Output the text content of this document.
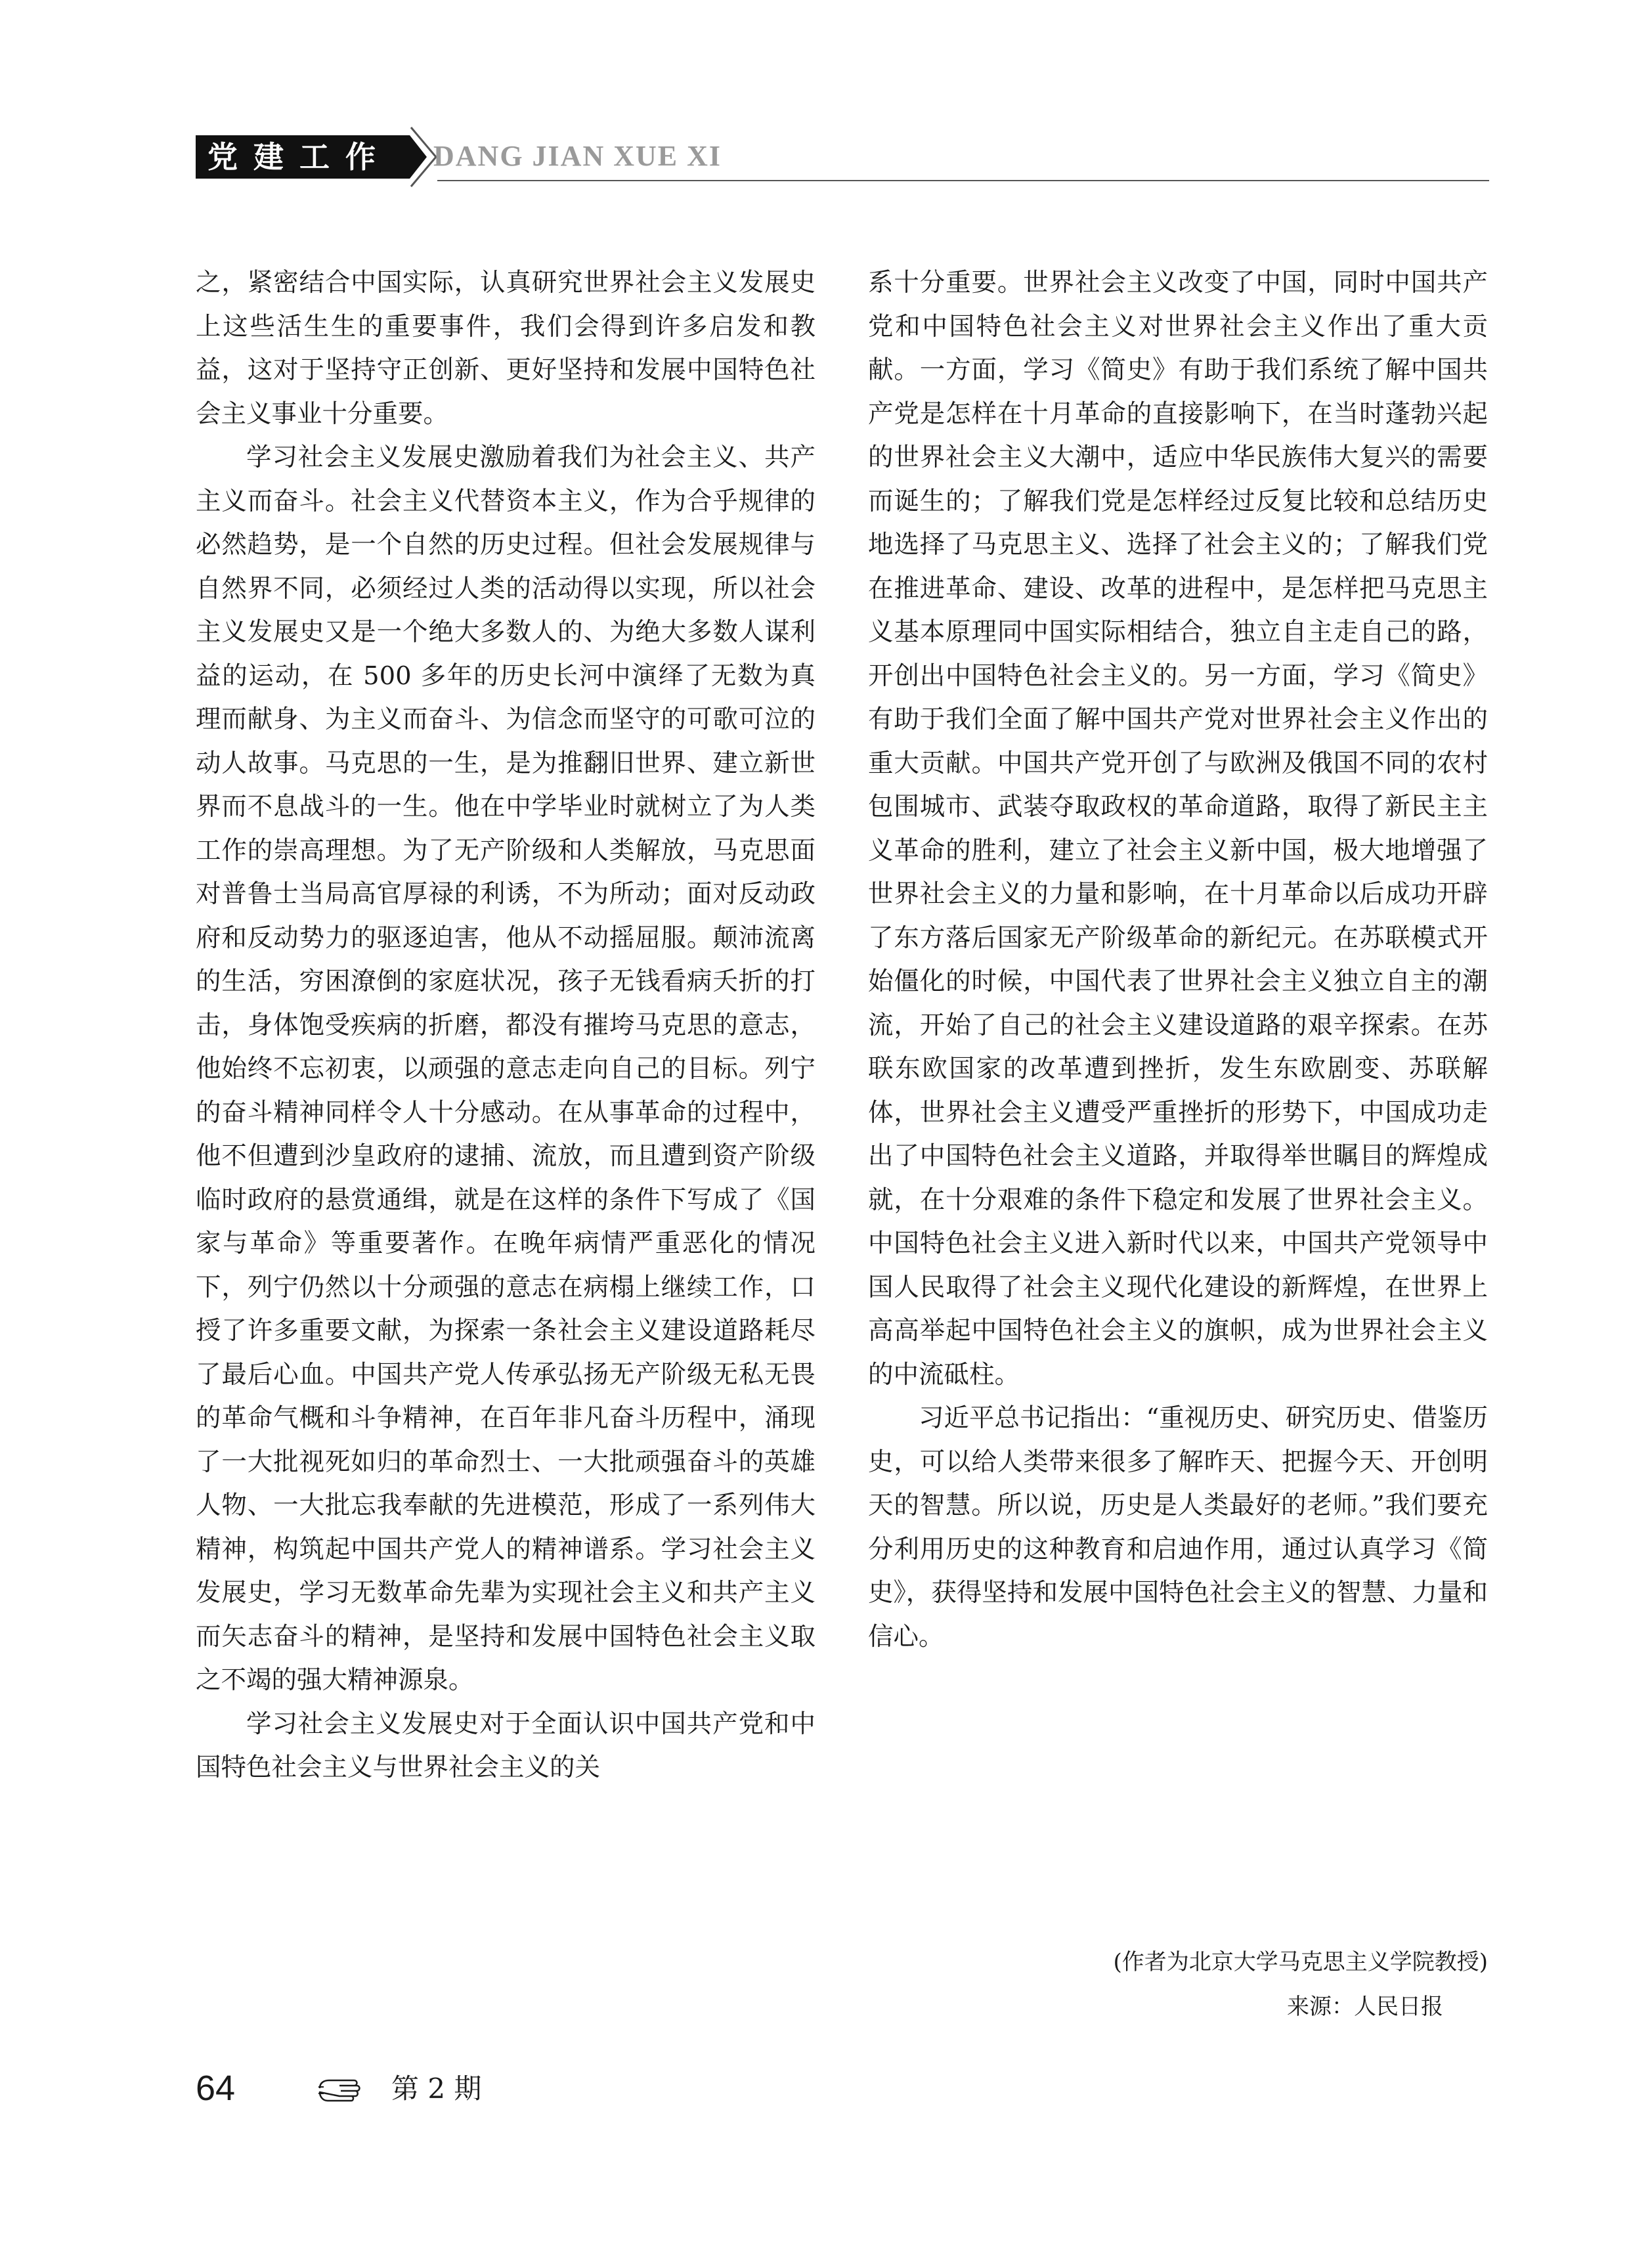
党建工作 DANG JIAN XUE XI

之，紧密结合中国实际，认真研究世界社会主义发展史上这些活生生的重要事件，我们会得到许多启发和教益，这对于坚持守正创新、更好坚持和发展中国特色社会主义事业十分重要。

学习社会主义发展史激励着我们为社会主义、共产主义而奋斗。社会主义代替资本主义，作为合乎规律的必然趋势，是一个自然的历史过程。但社会发展规律与自然界不同，必须经过人类的活动得以实现，所以社会主义发展史又是一个绝大多数人的、为绝大多数人谋利益的运动，在 500 多年的历史长河中演绎了无数为真理而献身、为主义而奋斗、为信念而坚守的可歌可泣的动人故事。马克思的一生，是为推翻旧世界、建立新世界而不息战斗的一生。他在中学毕业时就树立了为人类工作的崇高理想。为了无产阶级和人类解放，马克思面对普鲁士当局高官厚禄的利诱，不为所动；面对反动政府和反动势力的驱逐迫害，他从不动摇屈服。颠沛流离的生活，穷困潦倒的家庭状况，孩子无钱看病夭折的打击，身体饱受疾病的折磨，都没有摧垮马克思的意志，他始终不忘初衷，以顽强的意志走向自己的目标。列宁的奋斗精神同样令人十分感动。在从事革命的过程中，他不但遭到沙皇政府的逮捕、流放，而且遭到资产阶级临时政府的悬赏通缉，就是在这样的条件下写成了《国家与革命》等重要著作。在晚年病情严重恶化的情况下，列宁仍然以十分顽强的意志在病榻上继续工作，口授了许多重要文献，为探索一条社会主义建设道路耗尽了最后心血。中国共产党人传承弘扬无产阶级无私无畏的革命气概和斗争精神，在百年非凡奋斗历程中，涌现了一大批视死如归的革命烈士、一大批顽强奋斗的英雄人物、一大批忘我奉献的先进模范，形成了一系列伟大精神，构筑起中国共产党人的精神谱系。学习社会主义发展史，学习无数革命先辈为实现社会主义和共产主义而矢志奋斗的精神，是坚持和发展中国特色社会主义取之不竭的强大精神源泉。

学习社会主义发展史对于全面认识中国共产党和中国特色社会主义与世界社会主义的关

系十分重要。世界社会主义改变了中国，同时中国共产党和中国特色社会主义对世界社会主义作出了重大贡献。一方面，学习《简史》有助于我们系统了解中国共产党是怎样在十月革命的直接影响下，在当时蓬勃兴起的世界社会主义大潮中，适应中华民族伟大复兴的需要而诞生的；了解我们党是怎样经过反复比较和总结历史地选择了马克思主义、选择了社会主义的；了解我们党在推进革命、建设、改革的进程中，是怎样把马克思主义基本原理同中国实际相结合，独立自主走自己的路，开创出中国特色社会主义的。另一方面，学习《简史》有助于我们全面了解中国共产党对世界社会主义作出的重大贡献。中国共产党开创了与欧洲及俄国不同的农村包围城市、武装夺取政权的革命道路，取得了新民主主义革命的胜利，建立了社会主义新中国，极大地增强了世界社会主义的力量和影响，在十月革命以后成功开辟了东方落后国家无产阶级革命的新纪元。在苏联模式开始僵化的时候，中国代表了世界社会主义独立自主的潮流，开始了自己的社会主义建设道路的艰辛探索。在苏联东欧国家的改革遭到挫折，发生东欧剧变、苏联解体，世界社会主义遭受严重挫折的形势下，中国成功走出了中国特色社会主义道路，并取得举世瞩目的辉煌成就，在十分艰难的条件下稳定和发展了世界社会主义。中国特色社会主义进入新时代以来，中国共产党领导中国人民取得了社会主义现代化建设的新辉煌，在世界上高高举起中国特色社会主义的旗帜，成为世界社会主义的中流砥柱。

习近平总书记指出：“重视历史、研究历史、借鉴历史，可以给人类带来很多了解昨天、把握今天、开创明天的智慧。所以说，历史是人类最好的老师。”我们要充分利用历史的这种教育和启迪作用，通过认真学习《简史》，获得坚持和发展中国特色社会主义的智慧、力量和信心。

(作者为北京大学马克思主义学院教授)
来源：人民日报
64	第 2 期
